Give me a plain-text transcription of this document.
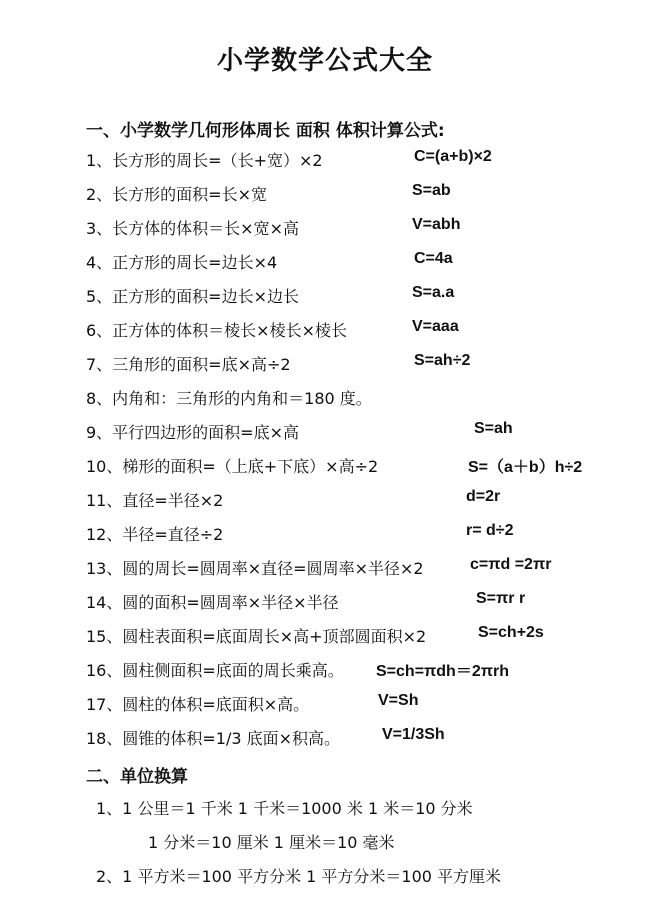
小学数学公式大全
一、小学数学几何形体周长 面积 体积计算公式:
1、长方形的周长=（长+宽）×2	C=(a+b)×2
2、长方形的面积=长×宽	S=ab
3、长方体的体积＝长×宽×高	V=abh
4、正方形的周长=边长×4	C=4a
5、正方形的面积=边长×边长	S=a.a
6、正方体的体积＝棱长×棱长×棱长	V=aaa
7、三角形的面积=底×高÷2	S=ah÷2
8、内角和：三角形的内角和＝180 度。
9、平行四边形的面积=底×高	S=ah
10、梯形的面积=（上底+下底）×高÷2	S=（a＋b）h÷2
11、直径=半径×2	d=2r
12、半径=直径÷2	r= d÷2
13、圆的周长=圆周率×直径=圆周率×半径×2	c=πd =2πr
14、圆的面积=圆周率×半径×半径	S=πr r
15、圆柱表面积=底面周长×高+顶部圆面积×2	S=ch+2s
16、圆柱侧面积=底面的周长乘高。 S=ch=πdh＝2πrh
17、圆柱的体积=底面积×高。	V=Sh
18、圆锥的体积=1/3 底面×积高。	V=1/3Sh
二、单位换算
1、1 公里＝1 千米 1 千米＝1000 米 1 米＝10 分米
1 分米＝10 厘米 1 厘米＝10 毫米
2、1 平方米＝100 平方分米 1 平方分米＝100 平方厘米
